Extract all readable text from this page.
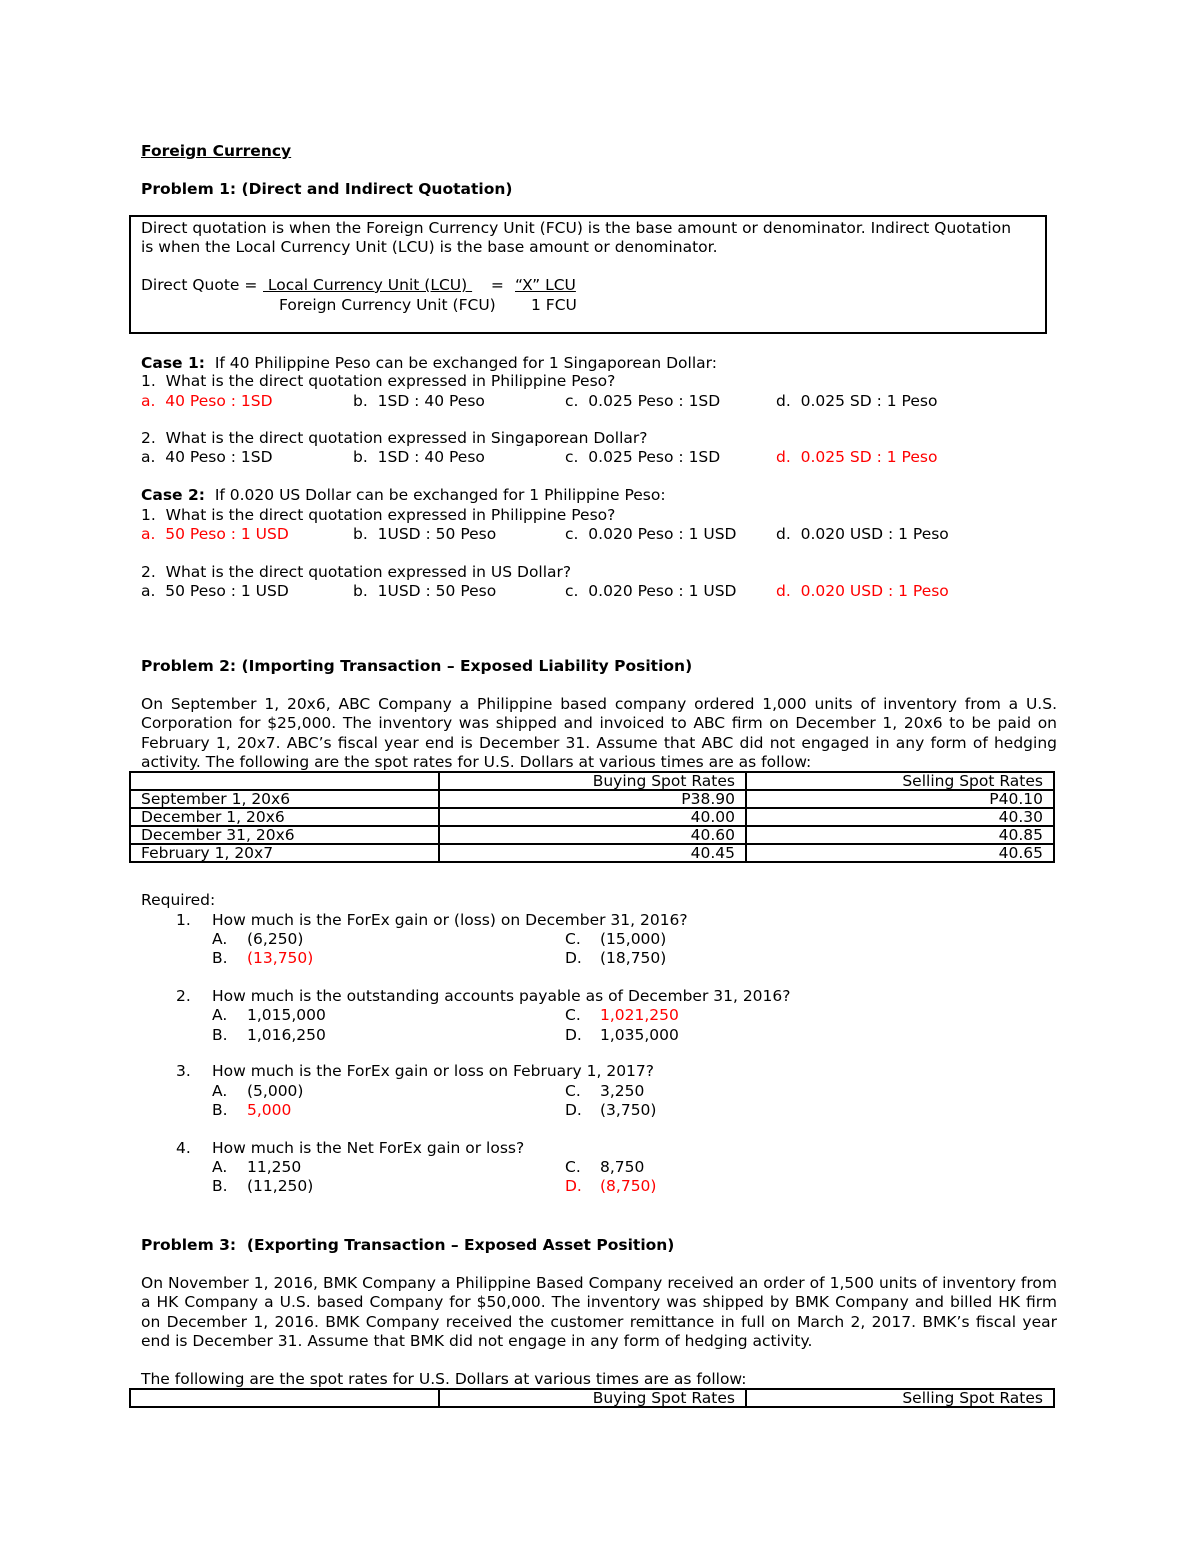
Foreign Currency
Problem 1: (Direct and Indirect Quotation)
Direct quotation is when the Foreign Currency Unit (FCU) is the base amount or denominator. Indirect Quotation
is when the Local Currency Unit (LCU) is the base amount or denominator.
Direct Quote = Local Currency Unit (LCU) = “X” LCU
Foreign Currency Unit (FCU) 1 FCU
Case 1: If 40 Philippine Peso can be exchanged for 1 Singaporean Dollar:
1.  What is the direct quotation expressed in Philippine Peso?
a.  40 Peso : 1SD	b.  1SD : 40 Peso	c.  0.025 Peso : 1SD	d.  0.025 SD : 1 Peso
2.  What is the direct quotation expressed in Singaporean Dollar?
a.  40 Peso : 1SD	b.  1SD : 40 Peso	c.  0.025 Peso : 1SD	d.  0.025 SD : 1 Peso
Case 2: If 0.020 US Dollar can be exchanged for 1 Philippine Peso:
1.  What is the direct quotation expressed in Philippine Peso?
a.  50 Peso : 1 USD	b.  1USD : 50 Peso	c.  0.020 Peso : 1 USD	d.  0.020 USD : 1 Peso
2.  What is the direct quotation expressed in US Dollar?
a.  50 Peso : 1 USD	b.  1USD : 50 Peso	c.  0.020 Peso : 1 USD	d.  0.020 USD : 1 Peso
Problem 2: (Importing Transaction – Exposed Liability Position)
On September 1, 20x6, ABC Company a Philippine based company ordered 1,000 units of inventory from a U.S. Corporation for $25,000. The inventory was shipped and invoiced to ABC firm on December 1, 20x6 to be paid on February 1, 20x7. ABC’s fiscal year end is December 31. Assume that ABC did not engaged in any form of hedging activity. The following are the spot rates for U.S. Dollars at various times are as follow:
	Buying Spot Rates	Selling Spot Rates
September 1, 20x6	P38.90	P40.10
December 1, 20x6	40.00	40.30
December 31, 20x6	40.60	40.85
February 1, 20x7	40.45	40.65
Required:
1. How much is the ForEx gain or (loss) on December 31, 2016?
A. (6,250)
B. (13,750)
C. (15,000)
D. (18,750)
2. How much is the outstanding accounts payable as of December 31, 2016?
A. 1,015,000
B. 1,016,250
C. 1,021,250
D. 1,035,000
3. How much is the ForEx gain or loss on February 1, 2017?
A. (5,000)
B. 5,000
C. 3,250
D. (3,750)
4. How much is the Net ForEx gain or loss?
A. 11,250
B. (11,250)
C. 8,750
D. (8,750)
Problem 3:  (Exporting Transaction – Exposed Asset Position)
On November 1, 2016, BMK Company a Philippine Based Company received an order of 1,500 units of inventory from a HK Company a U.S. based Company for $50,000. The inventory was shipped by BMK Company and billed HK firm on December 1, 2016. BMK Company received the customer remittance in full on March 2, 2017. BMK’s fiscal year end is December 31. Assume that BMK did not engage in any form of hedging activity.
The following are the spot rates for U.S. Dollars at various times are as follow:
	Buying Spot Rates	Selling Spot Rates
